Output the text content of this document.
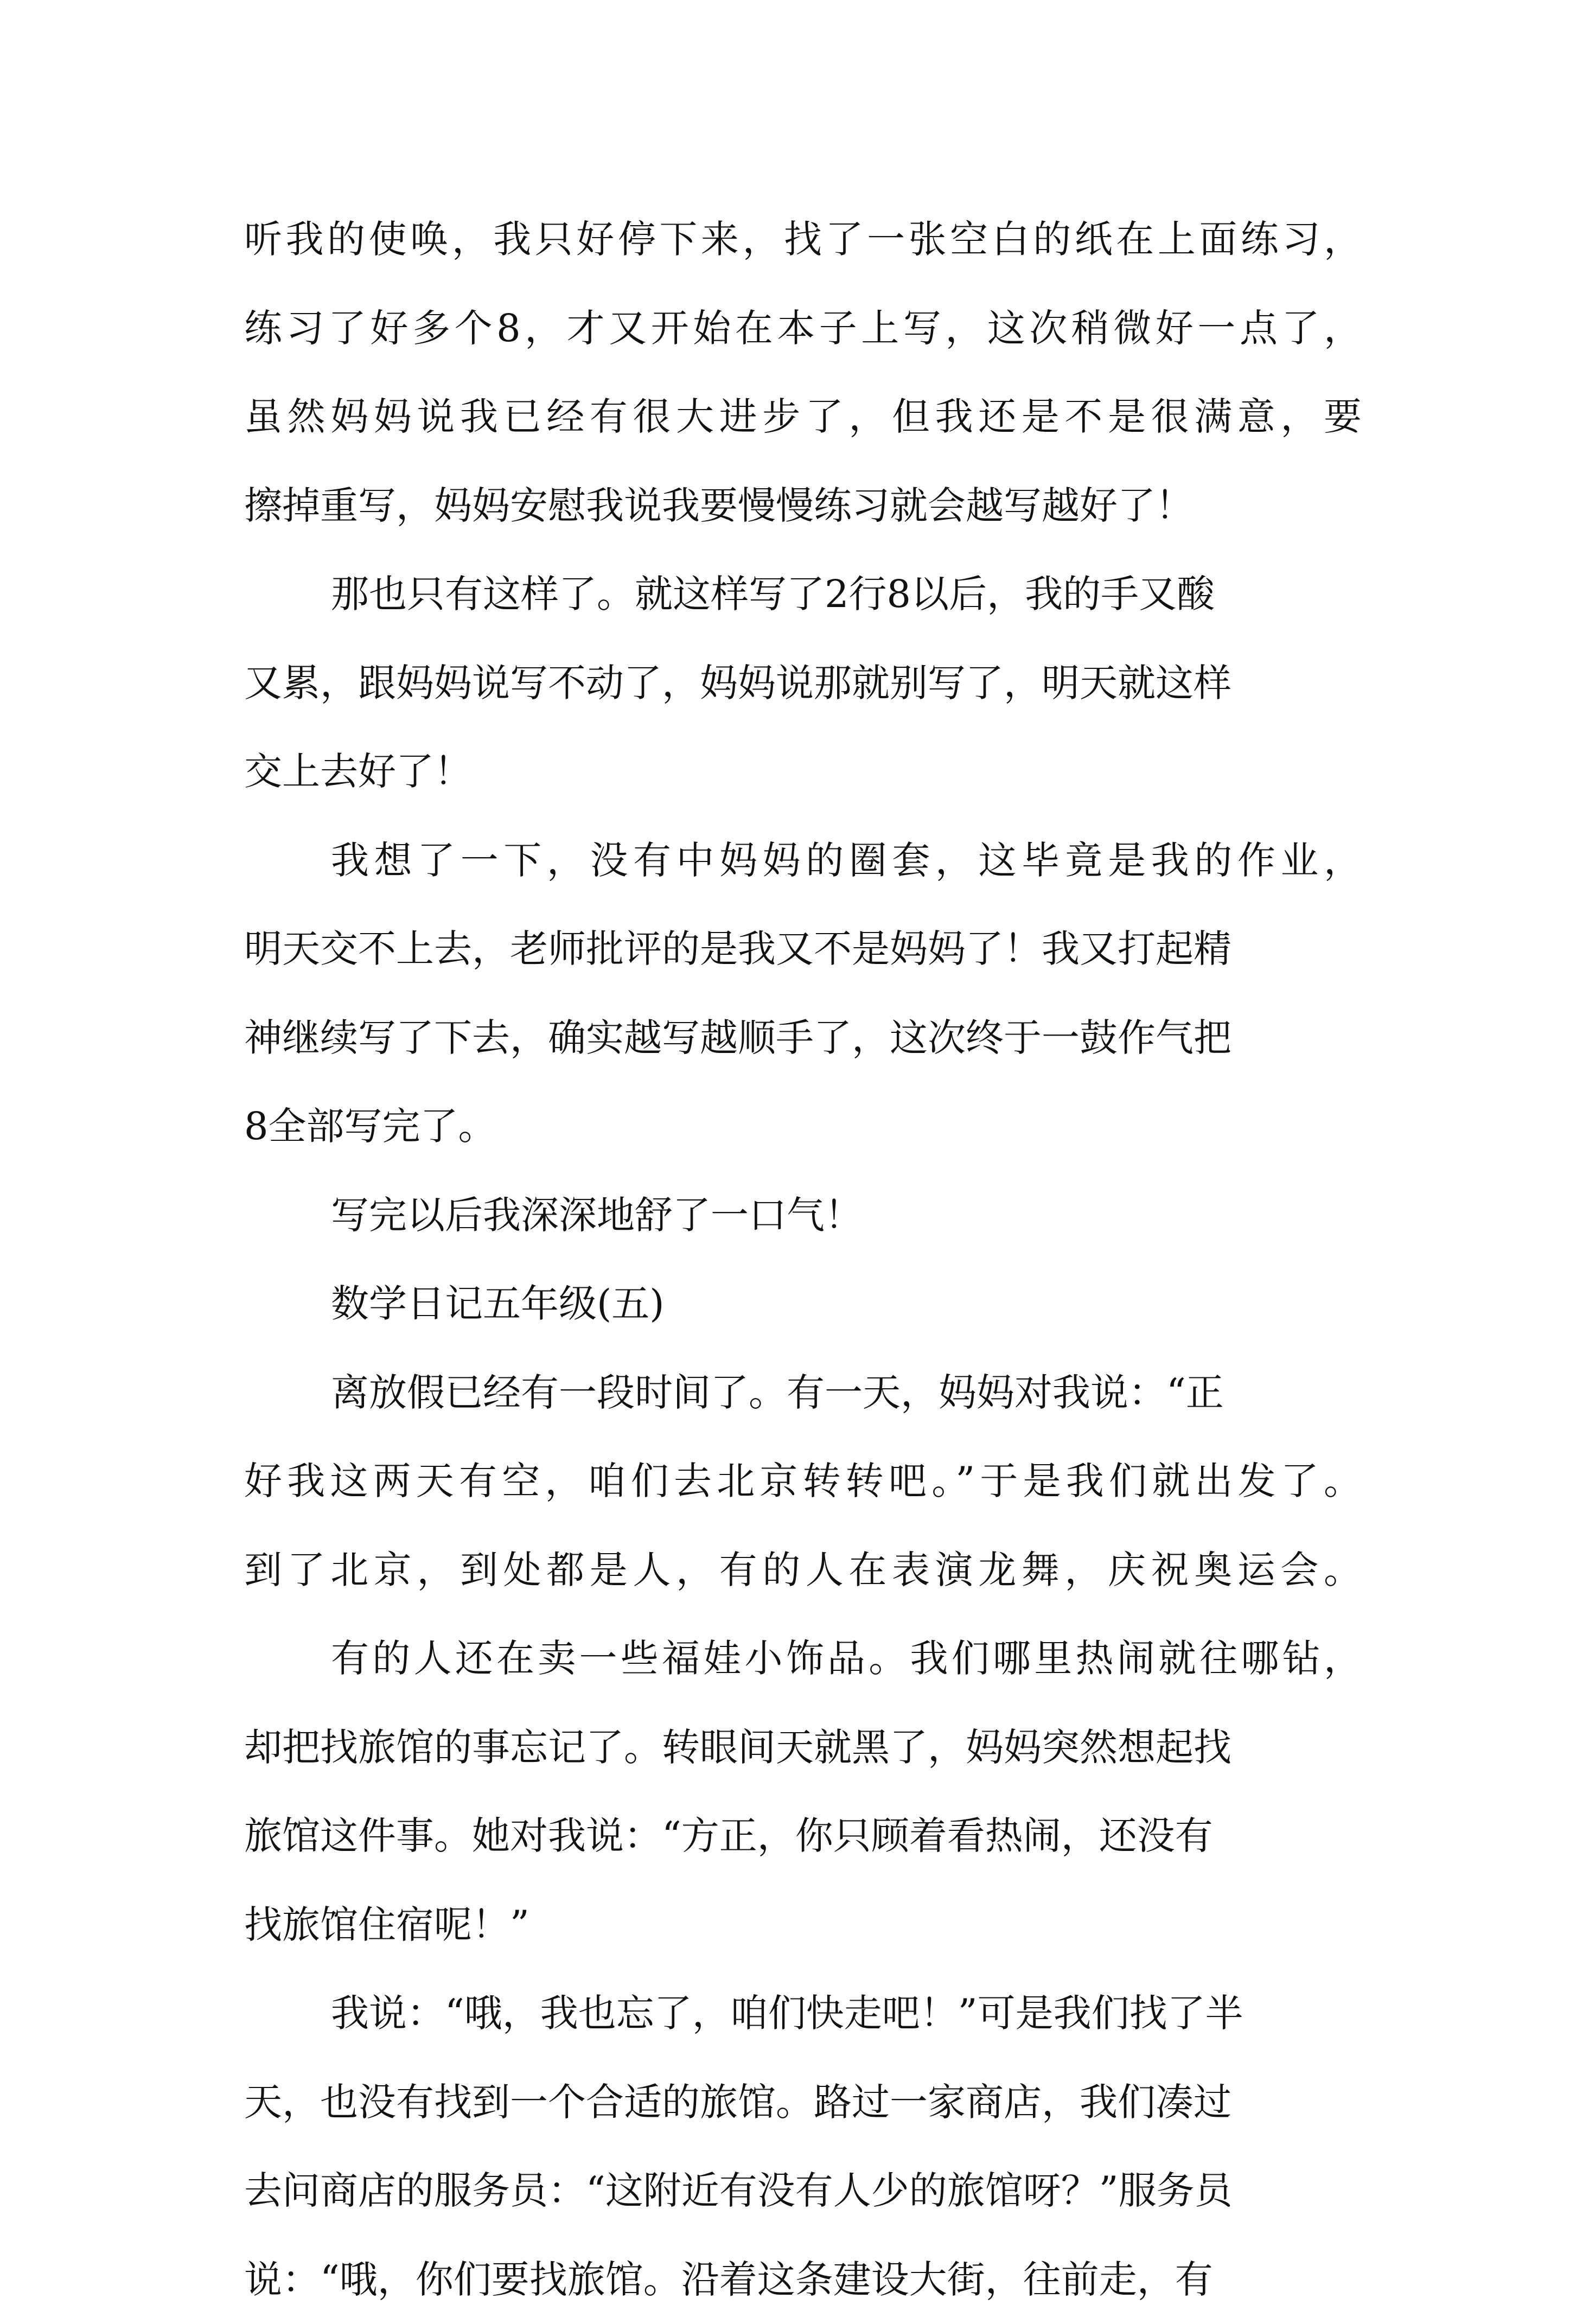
听我的使唤，我只好停下来，找了一张空白的纸在上面练习，
练习了好多个8，才又开始在本子上写，这次稍微好一点了，
虽然妈妈说我已经有很大进步了，但我还是不是很满意，要
擦掉重写，妈妈安慰我说我要慢慢练习就会越写越好了！
那也只有这样了。就这样写了2行8以后，我的手又酸
又累，跟妈妈说写不动了，妈妈说那就别写了，明天就这样
交上去好了！
我想了一下，没有中妈妈的圈套，这毕竟是我的作业，
明天交不上去，老师批评的是我又不是妈妈了！我又打起精
神继续写了下去，确实越写越顺手了，这次终于一鼓作气把
8全部写完了。
写完以后我深深地舒了一口气！
数学日记五年级(五)
离放假已经有一段时间了。有一天，妈妈对我说：“正
好我这两天有空，咱们去北京转转吧。”于是我们就出发了。
到了北京，到处都是人，有的人在表演龙舞，庆祝奥运会。
有的人还在卖一些福娃小饰品。我们哪里热闹就往哪钻，
却把找旅馆的事忘记了。转眼间天就黑了，妈妈突然想起找
旅馆这件事。她对我说：“方正，你只顾着看热闹，还没有
找旅馆住宿呢！”
我说：“哦，我也忘了，咱们快走吧！”可是我们找了半
天，也没有找到一个合适的旅馆。路过一家商店，我们凑过
去问商店的服务员：“这附近有没有人少的旅馆呀？”服务员
说：“哦，你们要找旅馆。沿着这条建设大街，往前走，有
